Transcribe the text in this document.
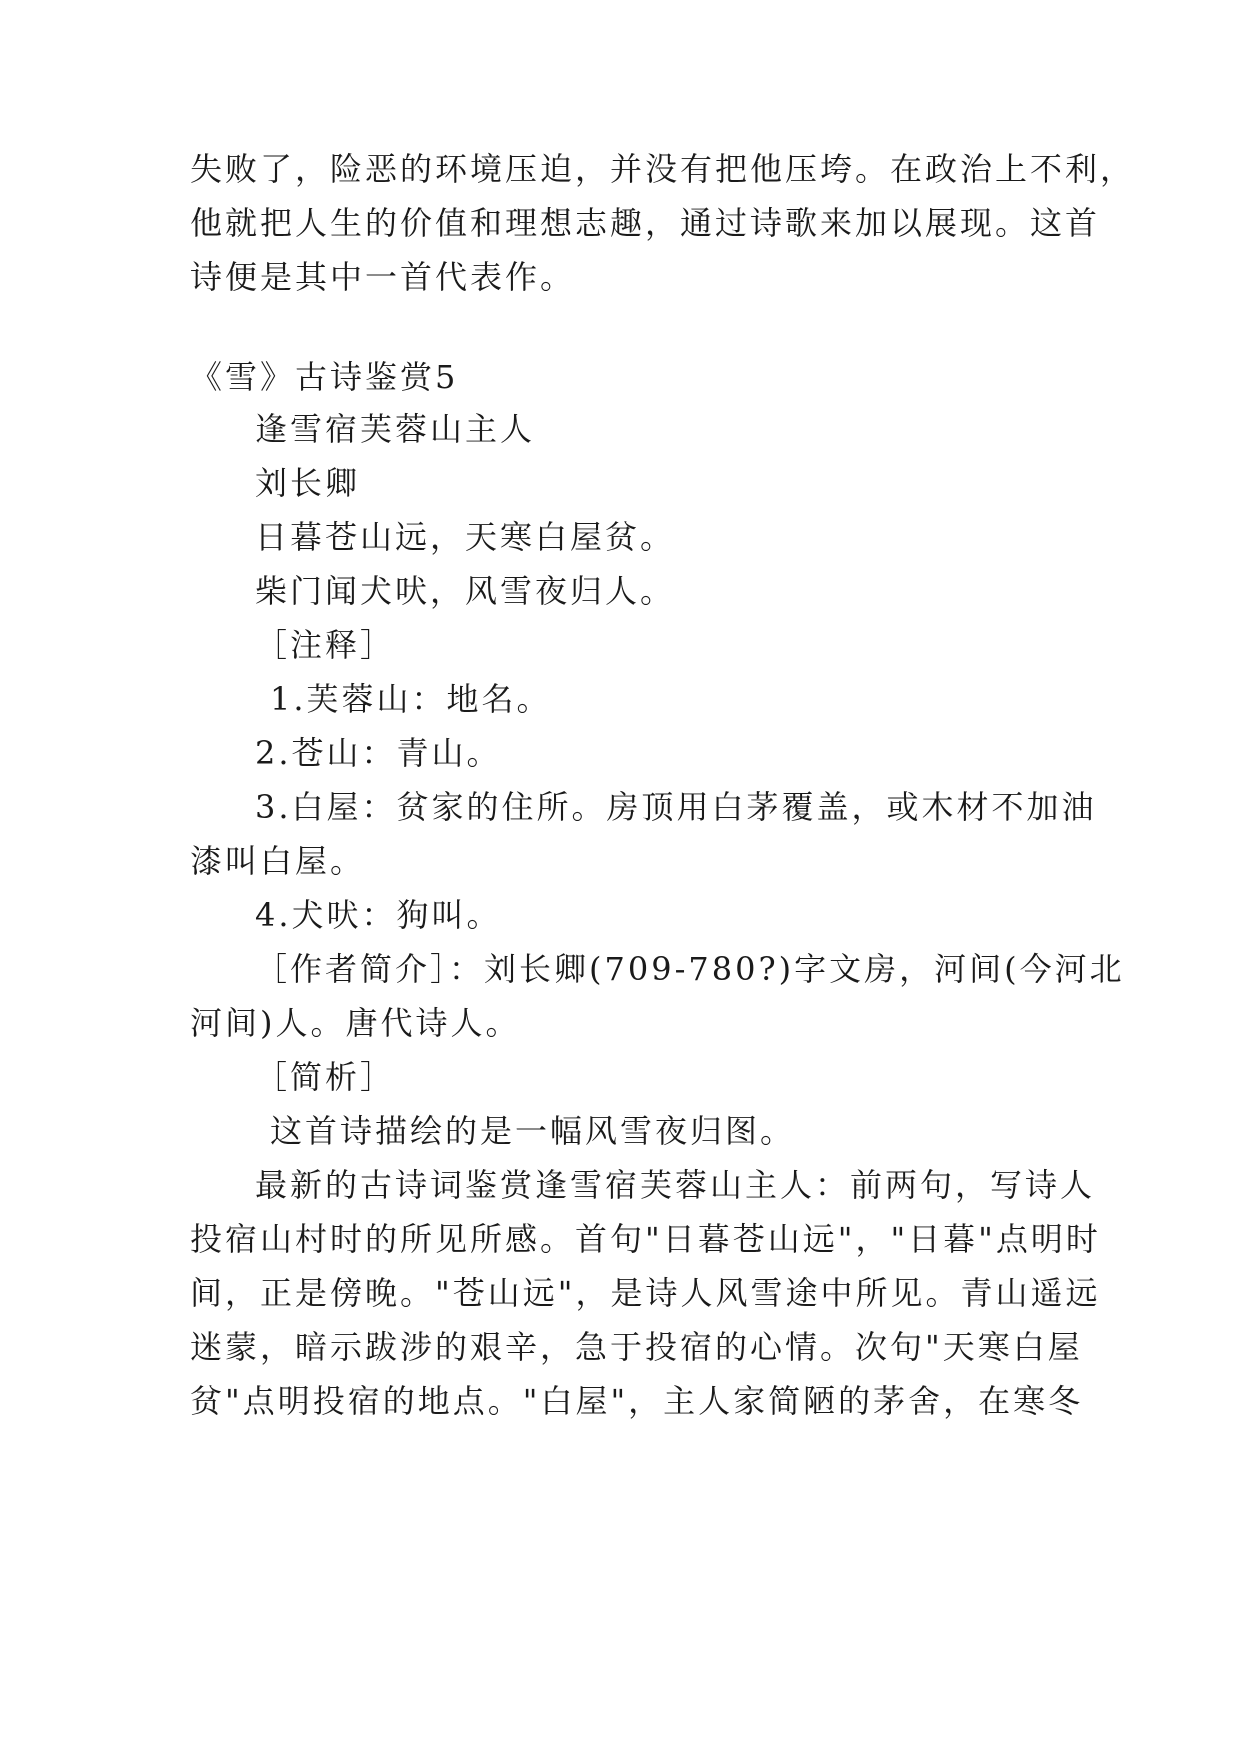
失败了，险恶的环境压迫，并没有把他压垮。在政治上不利，
他就把人生的价值和理想志趣，通过诗歌来加以展现。这首
诗便是其中一首代表作。
《雪》古诗鉴赏5
逢雪宿芙蓉山主人
刘长卿
日暮苍山远，天寒白屋贫。
柴门闻犬吠，风雪夜归人。
［注释］
1.芙蓉山：地名。
2.苍山：青山。
3.白屋：贫家的住所。房顶用白茅覆盖，或木材不加油
漆叫白屋。
4.犬吠：狗叫。
［作者简介］：刘长卿(709-780?)字文房，河间(今河北
河间)人。唐代诗人。
［简析］
这首诗描绘的是一幅风雪夜归图。
最新的古诗词鉴赏逢雪宿芙蓉山主人：前两句，写诗人
投宿山村时的所见所感。首句"日暮苍山远"，"日暮"点明时
间，正是傍晚。"苍山远"，是诗人风雪途中所见。青山遥远
迷蒙，暗示跋涉的艰辛，急于投宿的心情。次句"天寒白屋
贫"点明投宿的地点。"白屋"，主人家简陋的茅舍，在寒冬
